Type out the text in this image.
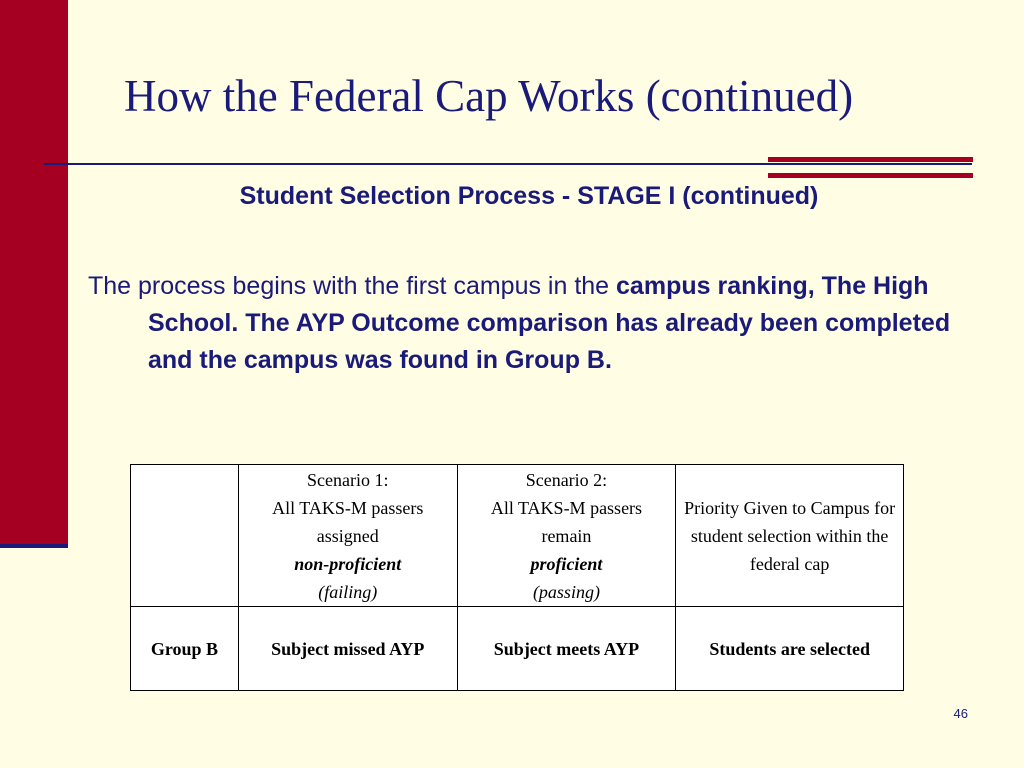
How the Federal Cap Works (continued)
Student Selection Process - STAGE I (continued)
The process begins with the first campus in the campus ranking, The High School. The AYP Outcome comparison has already been completed and the campus was found in Group B.

	Scenario 1:
All TAKS-M passers
assigned
non-proficient
(failing)	Scenario 2:
All TAKS-M passers
remain
proficient
(passing)	Priority Given to Campus for student selection within the federal cap
Group B	Subject missed AYP	Subject meets AYP	Students are selected
46
